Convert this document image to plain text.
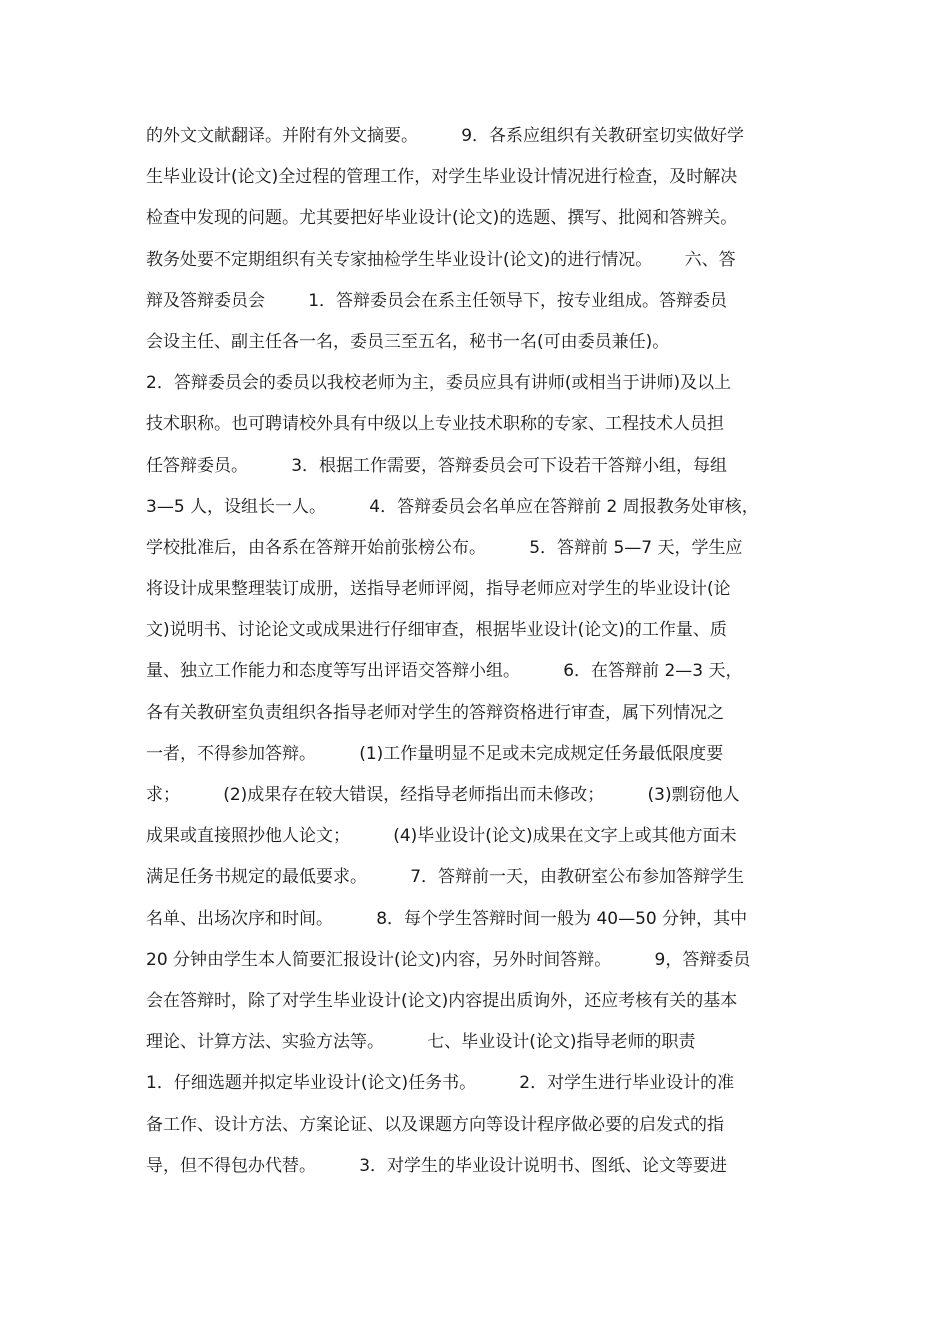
的外文文献翻译。并附有外文摘要。        9．各系应组织有关教研室切实做好学
生毕业设计(论文)全过程的管理工作，对学生毕业设计情况进行检查，及时解决
检查中发现的问题。尤其要把好毕业设计(论文)的选题、撰写、批阅和答辨关。
教务处要不定期组织有关专家抽检学生毕业设计(论文)的进行情况。      六、答
辩及答辩委员会        1．答辩委员会在系主任领导下，按专业组成。答辩委员
会设主任、副主任各一名，委员三至五名，秘书一名(可由委员兼任)。
2．答辩委员会的委员以我校老师为主，委员应具有讲师(或相当于讲师)及以上
技术职称。也可聘请校外具有中级以上专业技术职称的专家、工程技术人员担
任答辩委员。        3．根据工作需要，答辩委员会可下设若干答辩小组，每组
3—5 人，设组长一人。        4．答辩委员会名单应在答辩前 2 周报教务处审核，
学校批准后，由各系在答辩开始前张榜公布。        5．答辩前 5—7 天，学生应
将设计成果整理装订成册，送指导老师评阅，指导老师应对学生的毕业设计(论
文)说明书、讨论论文或成果进行仔细审查，根据毕业设计(论文)的工作量、质
量、独立工作能力和态度等写出评语交答辩小组。        6．在答辩前 2—3 天，
各有关教研室负责组织各指导老师对学生的答辩资格进行审查，属下列情况之
一者，不得参加答辩。        (1)工作量明显不足或未完成规定任务最低限度要
求；        (2)成果存在较大错误，经指导老师指出而未修改；        (3)剽窃他人
成果或直接照抄他人论文；        (4)毕业设计(论文)成果在文字上或其他方面未
满足任务书规定的最低要求。        7．答辩前一天，由教研室公布参加答辩学生
名单、出场次序和时间。        8．每个学生答辩时间一般为 40—50 分钟，其中
20 分钟由学生本人简要汇报设计(论文)内容，另外时间答辩。        9，答辩委员
会在答辩时，除了对学生毕业设计(论文)内容提出质询外，还应考核有关的基本
理论、计算方法、实验方法等。        七、毕业设计(论文)指导老师的职责
1．仔细选题并拟定毕业设计(论文)任务书。        2．对学生进行毕业设计的准
备工作、设计方法、方案论证、以及课题方向等设计程序做必要的启发式的指
导，但不得包办代替。        3．对学生的毕业设计说明书、图纸、论文等要进
